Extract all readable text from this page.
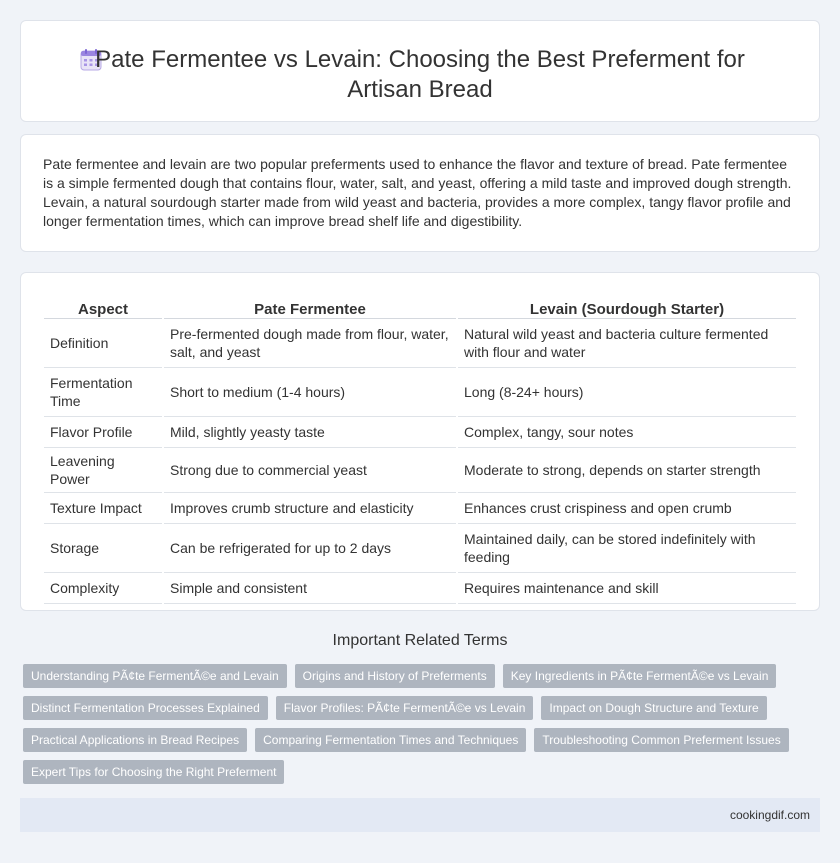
Pate Fermentee vs Levain: Choosing the Best Preferment for Artisan Bread

Pate fermentee and levain are two popular preferments used to enhance the flavor and texture of bread. Pate fermentee is a simple fermented dough that contains flour, water, salt, and yeast, offering a mild taste and improved dough strength. Levain, a natural sourdough starter made from wild yeast and bacteria, provides a more complex, tangy flavor profile and longer fermentation times, which can improve bread shelf life and digestibility.

Aspect	Pate Fermentee	Levain (Sourdough Starter)
Definition	Pre-fermented dough made from flour, water, salt, and yeast	Natural wild yeast and bacteria culture fermented with flour and water
Fermentation Time	Short to medium (1-4 hours)	Long (8-24+ hours)
Flavor Profile	Mild, slightly yeasty taste	Complex, tangy, sour notes
Leavening Power	Strong due to commercial yeast	Moderate to strong, depends on starter strength
Texture Impact	Improves crumb structure and elasticity	Enhances crust crispiness and open crumb
Storage	Can be refrigerated for up to 2 days	Maintained daily, can be stored indefinitely with feeding
Complexity	Simple and consistent	Requires maintenance and skill
Important Related Terms
Understanding PÃ¢te FermentÃ©e and Levain	Origins and History of Preferments	Key Ingredients in PÃ¢te FermentÃ©e vs Levain
Distinct Fermentation Processes Explained	Flavor Profiles: PÃ¢te FermentÃ©e vs Levain	Impact on Dough Structure and Texture
Practical Applications in Bread Recipes	Comparing Fermentation Times and Techniques	Troubleshooting Common Preferment Issues
Expert Tips for Choosing the Right Preferment
cookingdif.com
